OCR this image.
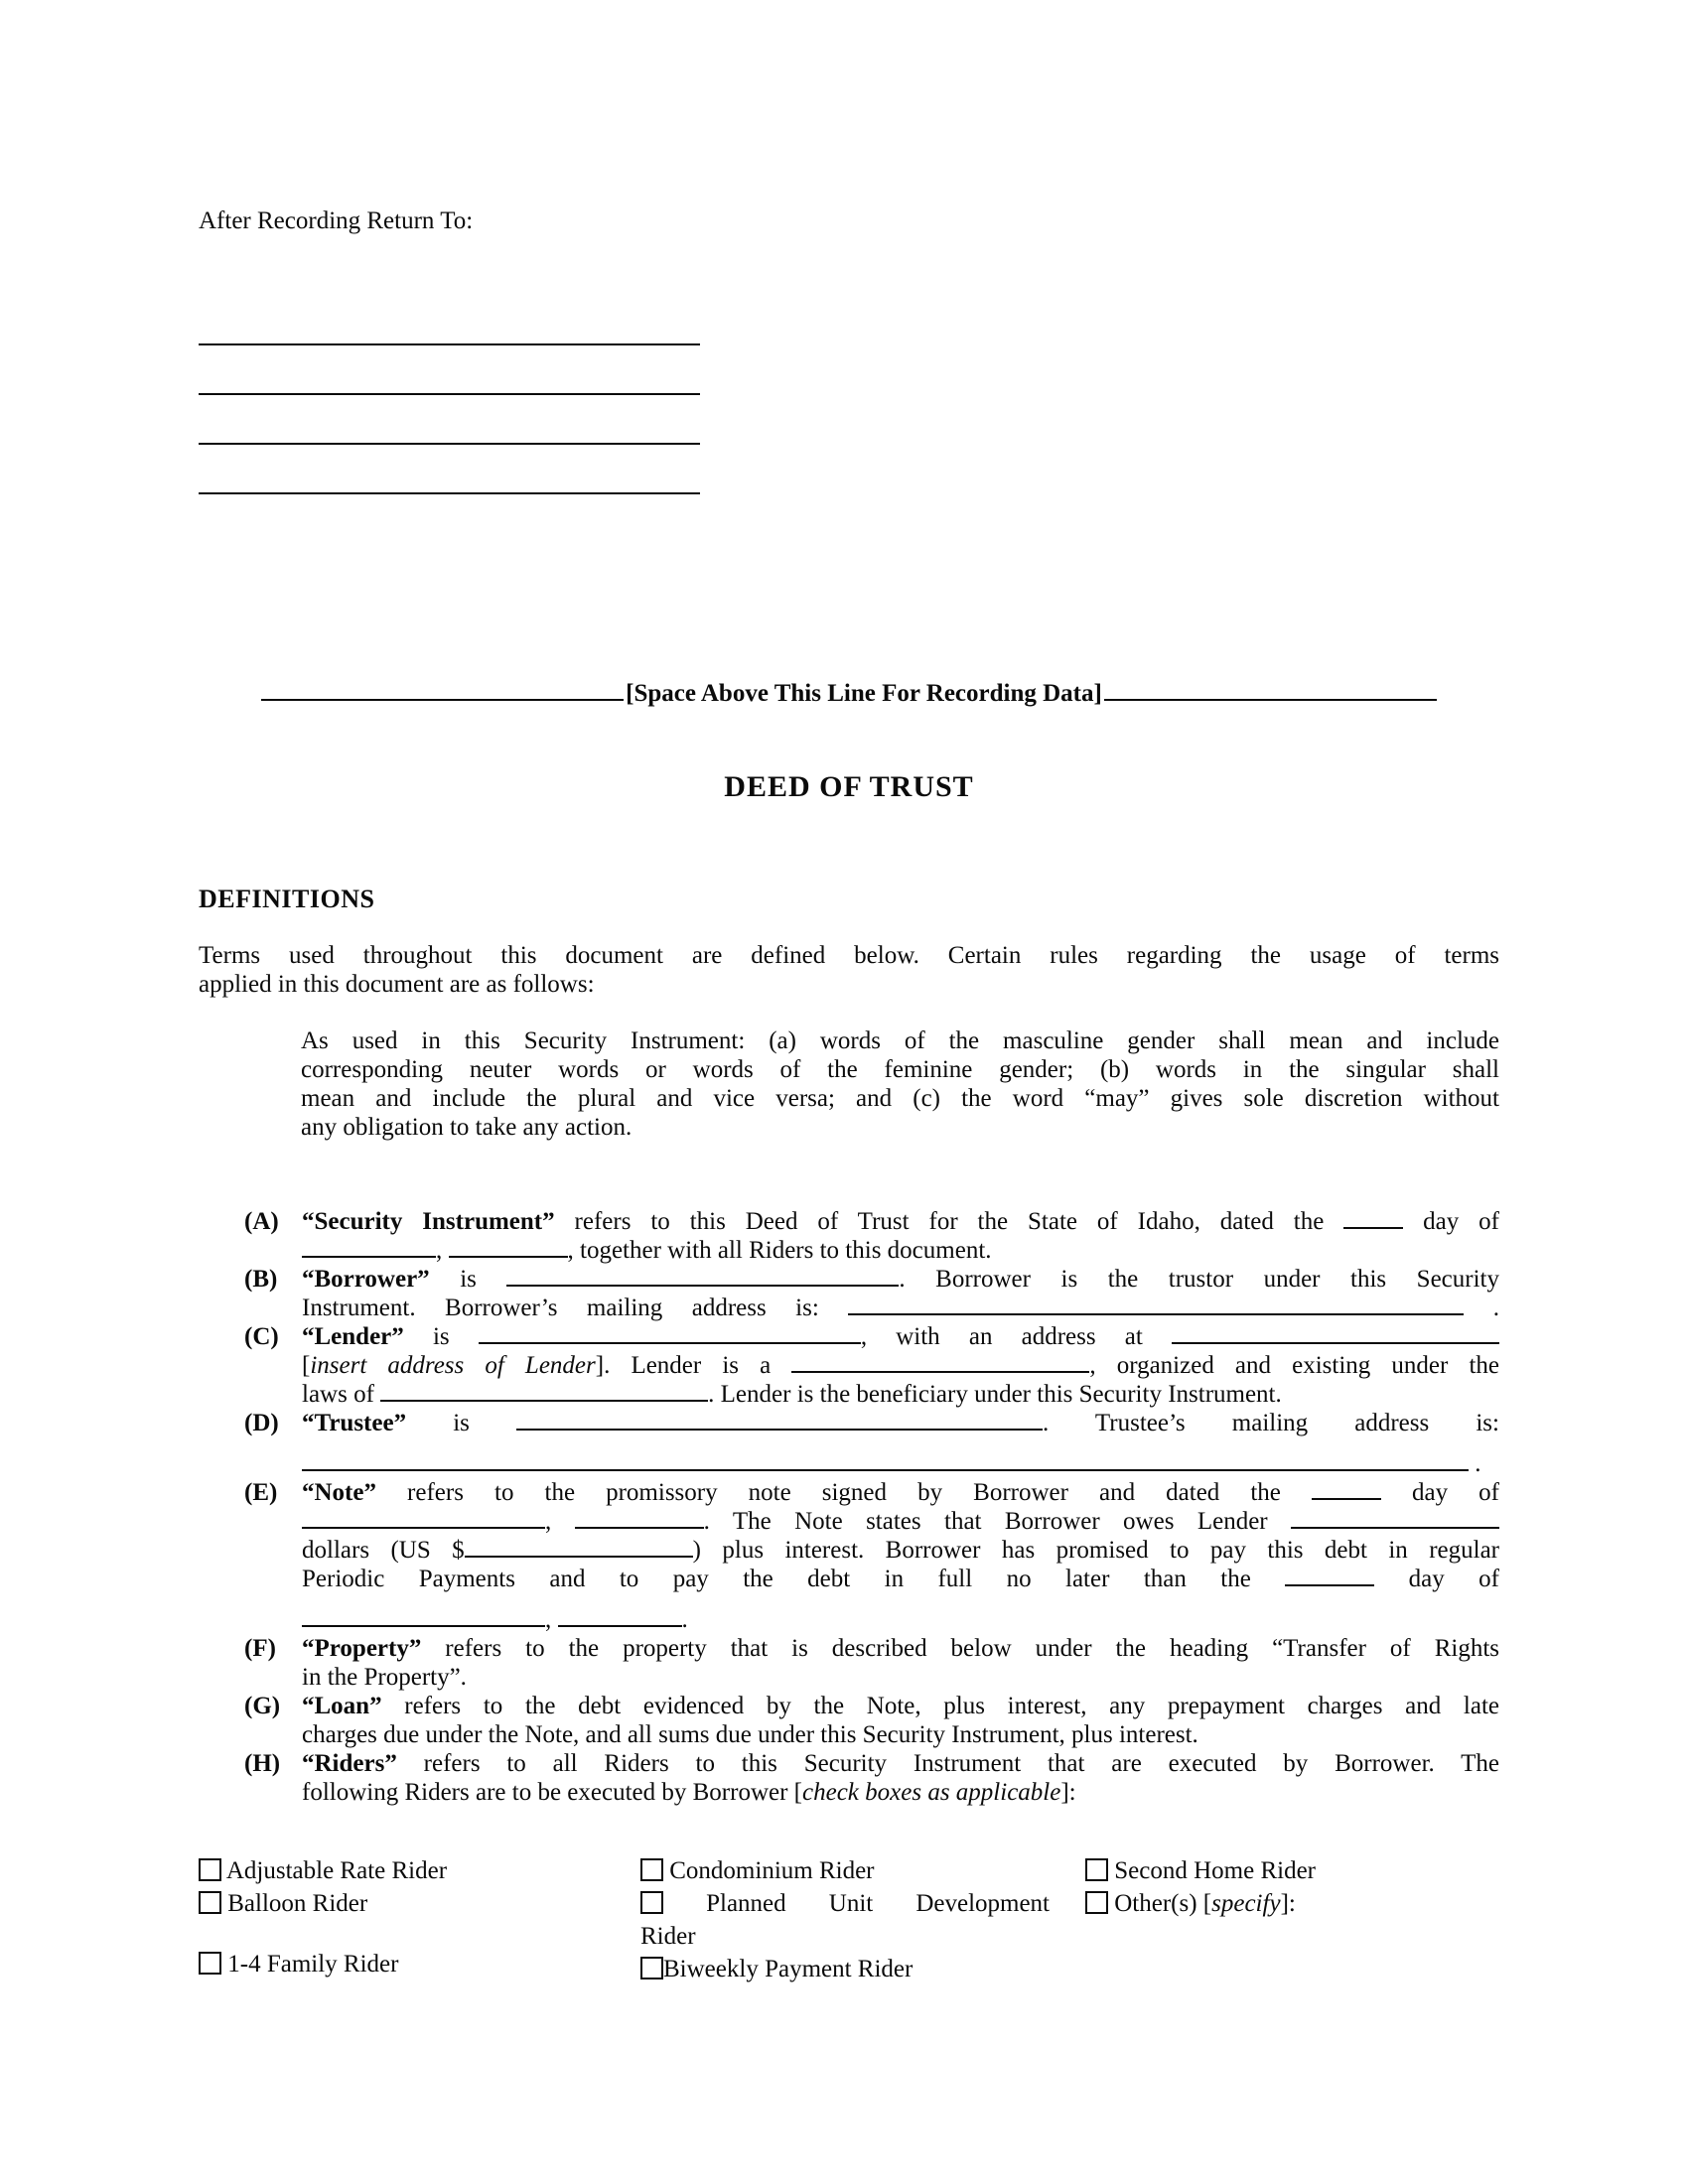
After Recording Return To:
[Space Above This Line For Recording Data]
DEED OF TRUST
DEFINITIONS
Terms used throughout this document are defined below. Certain rules regarding the usage of terms
applied in this document are as follows:
As used in this Security Instrument: (a) words of the masculine gender shall mean and include
corresponding neuter words or words of the feminine gender; (b) words in the singular shall
mean and include the plural and vice versa; and (c) the word “may” gives sole discretion without
any obligation to take any action.
(A) “Security Instrument” refers to this Deed of Trust for the State of Idaho, dated the  day of
,	, together with all Riders to this document.
(B) “Borrower” is	. Borrower is the trustor under this Security
Instrument. Borrower’s mailing address is:	.
(C) “Lender” is	, with an address at
[insert address of Lender]. Lender is a	, organized and existing under the
laws of	. Lender is the beneficiary under this Security Instrument.
(D) “Trustee” is	. Trustee’s mailing address is:
.
(E) “Note” refers to the promissory note signed by Borrower and dated the	day of
,	. The Note states that Borrower owes Lender
dollars (US $	) plus interest. Borrower has promised to pay this debt in regular
Periodic Payments and to pay the debt in full no later than the	day of
,	.
(F) “Property” refers to the property that is described below under the heading “Transfer of Rights
in the Property”.
(G) “Loan” refers to the debt evidenced by the Note, plus interest, any prepayment charges and late
charges due under the Note, and all sums due under this Security Instrument, plus interest.
(H) “Riders” refers to all Riders to this Security Instrument that are executed by Borrower. The
following Riders are to be executed by Borrower [check boxes as applicable]:
Adjustable Rate Rider
Balloon Rider
1-4 Family Rider
Condominium Rider
Planned Unit Development
Rider
Biweekly Payment Rider
Second Home Rider
Other(s) [specify]:
